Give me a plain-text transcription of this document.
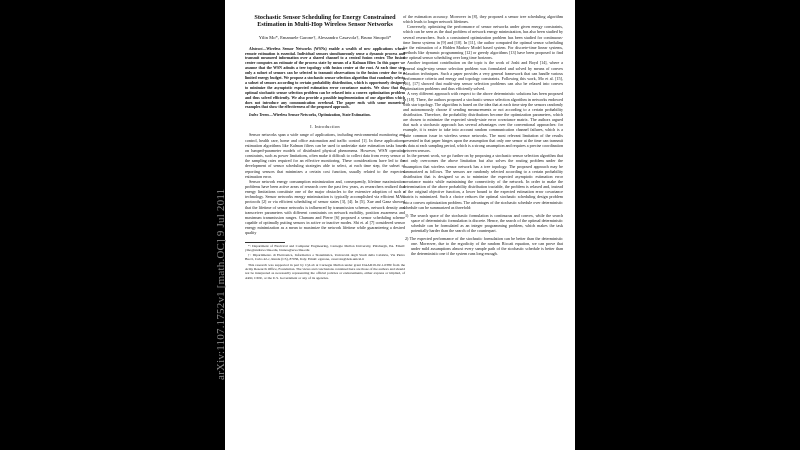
arXiv:1107.1752v1 [math.OC] 9 Jul 2011
Stochastic Sensor Scheduling for Energy Constrained Estimation in Multi-Hop Wireless Sensor Networks
Yilin Mo*, Emanuele Garone†, Alessandro Casavola†, Bruno Sinopoli*
Abstract—Wireless Sensor Networks (WSNs) enable a wealth of new applications where remote estimation is essential. Individual sensors simultaneously sense a dynamic process and transmit measured information over a shared channel to a central fusion center. The fusion center computes an estimate of the process state by means of a Kalman filter. In this paper we assume that the WSN admits a tree topology with fusion center at the root. At each time step only a subset of sensors can be selected to transmit observations to the fusion center due to a limited energy budget. We propose a stochastic sensor selection algorithm that randomly selects a subset of sensors according to certain probability distribution, which is opportunely designed to minimize the asymptotic expected estimation error covariance matrix. We show that the optimal stochastic sensor selection problem can be relaxed into a convex optimization problem and thus solved efficiently. We also provide a possible implementation of our algorithm which does not introduce any communication overhead. The paper ends with some numerical examples that show the effectiveness of the proposed approach.
Index Terms—Wireless Sensor Networks, Optimization, State Estimation.
I. Introduction

Sensor networks span a wide range of applications, including environmental monitoring and control, health care, home and office automation and traffic control [1]. In these applications, estimation algorithms like Kalman filters can be used to undertake state estimation tasks based on lumped-parameter models of distributed physical phenomena. However, WSN operating constraints, such as power limitations, often make it difficult to collect data from every sensor at the sampling rates required for an effective monitoring. These considerations have led to the development of sensor scheduling strategies able to select, at each time step, the subset of reporting sensors that minimizes a certain cost function, usually related to the expected estimation error.

Sensor network energy consumption minimization and, consequently, lifetime maximization problems have been active areas of research over the past few years, as researchers realized that energy limitations constitute one of the major obstacles to the extensive adoption of such a technology. Sensor networks energy minimization is typically accomplished via efficient MAC protocols [2] or via efficient scheduling of sensor states [3], [4]. In [5], Xue and Ganz showed that the lifetime of sensor networks is influenced by transmission schemes, network density and transceiver parameters with different constraints on network mobility, position awareness and maximum transmission ranges. Chamam and Pierre [6] proposed a sensor scheduling scheme capable of optimally putting sensors in active or inactive modes. Shi et. al [7] considered sensor energy minimization as a mean to maximize the network lifetime while guaranteeing a desired quality

*: Department of Electrical and Computer Engineering, Carnegie Mellon University, Pittsburgh, PA. Email: ymo@andrew.cmu.edu, brunos@ece.cmu.edu

†: Dipartimento di Elettronica, Informatica e Sistemistica, Università degli Studi della Calabria, Via Pietro Bucci, Cubo 42-c, Rende (CS), 87036, Italy. Email: egarone, casavola@deis.unical.it

This research was supported in part by CyLab at Carnegie Mellon under grant DAAD19-02-1-0389 from the Army Research Office, Foundation. The views and conclusions contained here are those of the authors and should not be interpreted as necessarily representing the official policies or endorsements, either express or implied, of ARO, CMU, or the U.S. Government or any of its agencies.

of the estimation accuracy. Moreover in [8], they proposed a sensor tree scheduling algorithm which leads to longer network lifetimes.

Conversely, optimizing the performance of sensor networks under given energy constraints, which can be seen as the dual problem of network energy minimization, has also been studied by several researchers. Such a constrained optimization problem has been studied for continuous-time linear systems in [9] and [10]. In [11], the author computed the optimal sensor scheduling for the estimation of a Hidden Markov Model based system. For discrete-time linear systems, methods like dynamic programming [12] or greedy algorithms [13] have been proposed to find the optimal sensor scheduling over long time horizons.

Another important contribution on the topic is the work of Joshi and Boyd [14], where a general single-step sensor selection problem was formulated and solved by means of convex relaxation techniques. Such a paper provides a very general framework that can handle various performance criteria and energy and topology constraints. Following this work, Mo et al. [15], [16], [17] showed that multi-step sensor selection problems can also be relaxed into convex optimization problems and thus efficiently solved.

A very different approach with respect to the above deterministic solutions has been proposed in [18]. There, the authors proposed a stochastic sensor selection algorithm in networks endowed with star topology. The algorithm is based on the idea that at each time step the sensors randomly and autonomously choose if sending measurements or not according to a certain probability distribution. Therefore, the probability distributions become the optimization parameters, which are chosen to minimize the expected steady-state error covariance matrix. The authors argued that such a stochastic approach has several advantages over the conventional approaches: for example, it is easier to take into account random communication channel failures, which is a quite common issue in wireless sensor networks. The most relevant limitation of the results presented in that paper hinges upon the assumption that only one sensor at the time can transmit its data at each sampling period, which is a strong assumption and requires a precise coordination between sensors.

In the present work, we go further on by proposing a stochastic sensor selection algorithm that not only overcomes the above limitation but also solves the routing problem under the assumption that wireless sensor network has a tree topology. The proposed approach may be summarized as follows. The sensors are randomly selected according to a certain probability distribution that is designed so as to minimize the expected asymptotic estimation error covariance matrix while maintaining the connectivity of the network. In order to make the determination of the above probability distribution tractable, the problem is relaxed and, instead of the original objective function, a lower bound to the expected estimation error covariance matrix is minimized. Such a choice reduces the optimal stochastic scheduling design problem into a convex optimization problem. The advantages of the stochastic schedule over deterministic schedule can be summarized as threefold:

1) The search space of the stochastic formulation is continuous and convex, while the search space of deterministic formulation is discrete. Hence, the search of the optimal deterministic schedule can be formulated as an integer programming problem, which makes the task potentially harder than the search of the counterpart.
2) The expected performance of the stochastic formulation can be better than the deterministic one. Moreover, due to the ergodicity of the random Riccati equation, we can prove that under mild assumptions almost every sample path of the stochastic schedule is better than the deterministic one if the system runs long enough.
